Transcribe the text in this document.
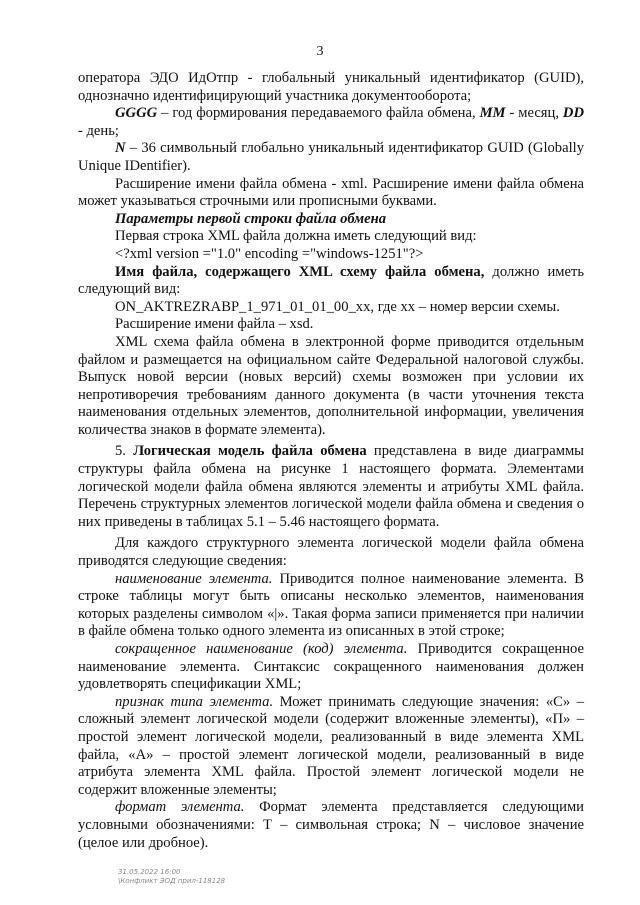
3

оператора ЭДО ИдОтпр - глобальный уникальный идентификатор (GUID), однозначно идентифицирующий участника документооборота;

GGGG – год формирования передаваемого файла обмена, MM - месяц, DD - день;

N – 36 символьный глобально уникальный идентификатор GUID (Globally Unique IDentifier).

Расширение имени файла обмена - xml. Расширение имени файла обмена может указываться строчными или прописными буквами.

Параметры первой строки файла обмена

Первая строка XML файла должна иметь следующий вид:

<?xml version ="1.0" encoding ="windows-1251"?>

Имя файла, содержащего XML схему файла обмена, должно иметь следующий вид:

ON_AKTREZRABP_1_971_01_01_00_xx, где хх – номер версии схемы.

Расширение имени файла – xsd.

XML схема файла обмена в электронной форме приводится отдельным файлом и размещается на официальном сайте Федеральной налоговой службы. Выпуск новой версии (новых версий) схемы возможен при условии их непротиворечия требованиям данного документа (в части уточнения текста наименования отдельных элементов, дополнительной информации, увеличения количества знаков в формате элемента).

5. Логическая модель файла обмена представлена в виде диаграммы структуры файла обмена на рисунке 1 настоящего формата. Элементами логической модели файла обмена являются элементы и атрибуты XML файла. Перечень структурных элементов логической модели файла обмена и сведения о них приведены в таблицах 5.1 – 5.46 настоящего формата.

Для каждого структурного элемента логической модели файла обмена приводятся следующие сведения:

наименование элемента. Приводится полное наименование элемента. В строке таблицы могут быть описаны несколько элементов, наименования которых разделены символом «|». Такая форма записи применяется при наличии в файле обмена только одного элемента из описанных в этой строке;

сокращенное наименование (код) элемента. Приводится сокращенное наименование элемента. Синтаксис сокращенного наименования должен удовлетворять спецификации XML;

признак типа элемента. Может принимать следующие значения: «С» – сложный элемент логической модели (содержит вложенные элементы), «П» – простой элемент логической модели, реализованный в виде элемента XML файла, «А» – простой элемент логической модели, реализованный в виде атрибута элемента XML файла. Простой элемент логической модели не содержит вложенные элементы;

формат элемента. Формат элемента представляется следующими условными обозначениями: Т – символьная строка; N – числовое значение (целое или дробное).

31.05.2022 16:00
\Конфликт ЭОД прил-118128
